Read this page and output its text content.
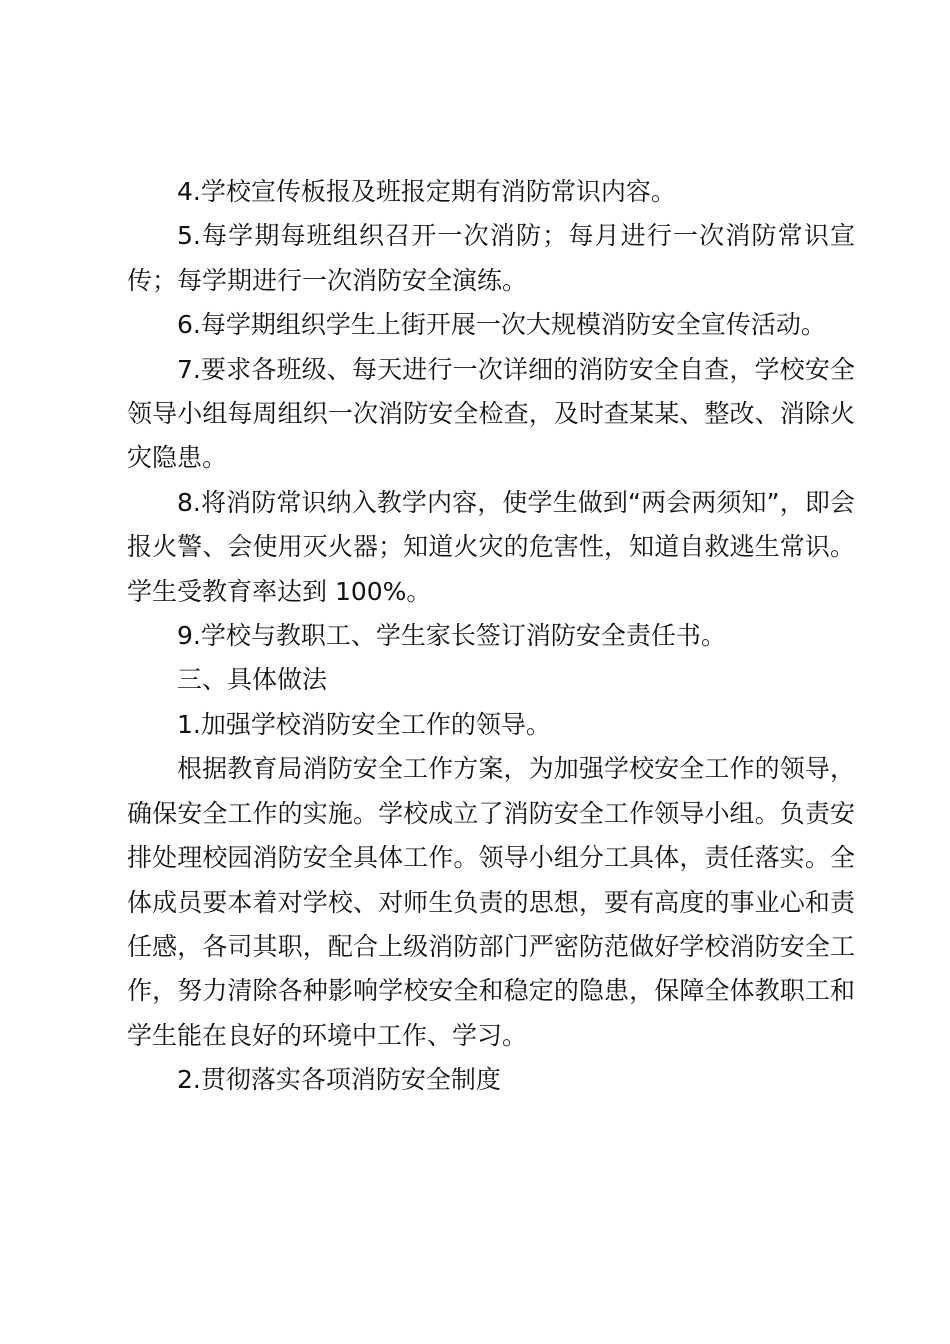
4.学校宣传板报及班报定期有消防常识内容。

5.每学期每班组织召开一次消防；每月进行一次消防常识宣传；每学期进行一次消防安全演练。

6.每学期组织学生上街开展一次大规模消防安全宣传活动。

7.要求各班级、每天进行一次详细的消防安全自查，学校安全领导小组每周组织一次消防安全检查，及时查某某、整改、消除火灾隐患。

8.将消防常识纳入教学内容，使学生做到“两会两须知”，即会报火警、会使用灭火器；知道火灾的危害性，知道自救逃生常识。学生受教育率达到 100%。

9.学校与教职工、学生家长签订消防安全责任书。

三、具体做法

1.加强学校消防安全工作的领导。

根据教育局消防安全工作方案，为加强学校安全工作的领导，确保安全工作的实施。学校成立了消防安全工作领导小组。负责安排处理校园消防安全具体工作。领导小组分工具体，责任落实。全体成员要本着对学校、对师生负责的思想，要有高度的事业心和责任感，各司其职，配合上级消防部门严密防范做好学校消防安全工作，努力清除各种影响学校安全和稳定的隐患，保障全体教职工和学生能在良好的环境中工作、学习。

2.贯彻落实各项消防安全制度
